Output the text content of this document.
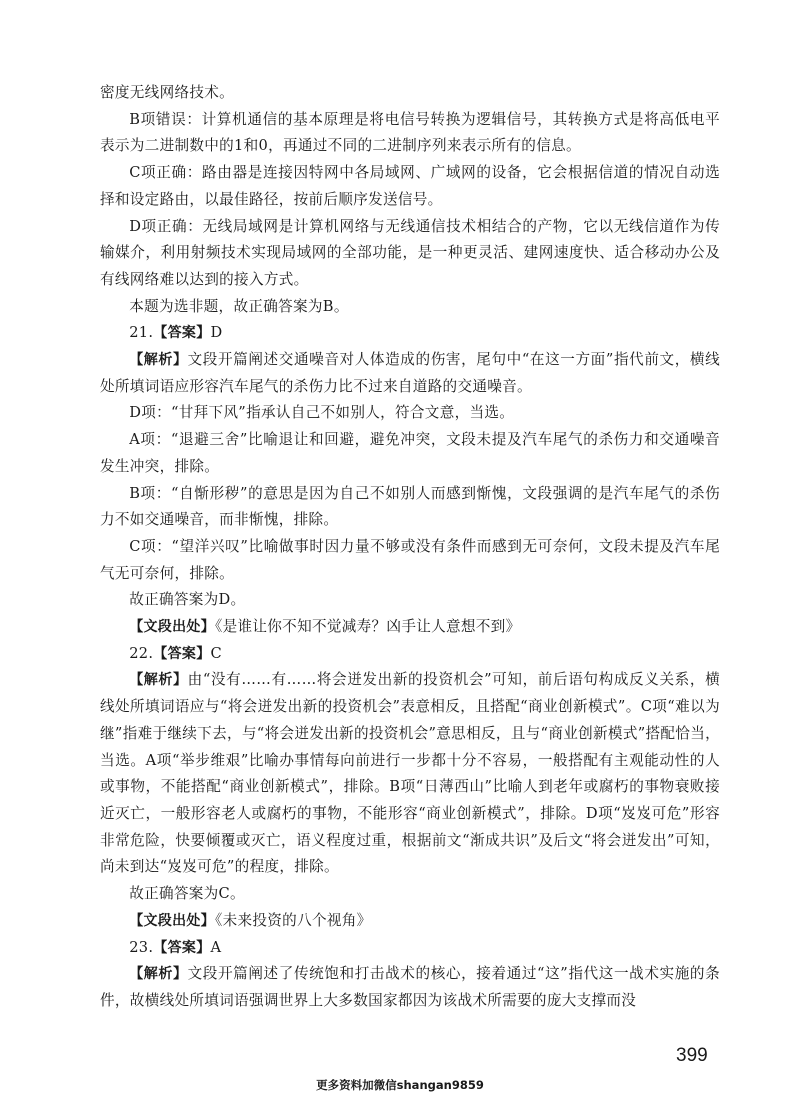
密度无线网络技术。

B项错误：计算机通信的基本原理是将电信号转换为逻辑信号，其转换方式是将高低电平表示为二进制数中的1和0，再通过不同的二进制序列来表示所有的信息。

C项正确：路由器是连接因特网中各局域网、广域网的设备，它会根据信道的情况自动选择和设定路由，以最佳路径，按前后顺序发送信号。

D项正确：无线局域网是计算机网络与无线通信技术相结合的产物，它以无线信道作为传输媒介，利用射频技术实现局域网的全部功能，是一种更灵活、建网速度快、适合移动办公及有线网络难以达到的接入方式。

本题为选非题，故正确答案为B。

21.【答案】D

【解析】文段开篇阐述交通噪音对人体造成的伤害，尾句中“在这一方面”指代前文，横线处所填词语应形容汽车尾气的杀伤力比不过来自道路的交通噪音。

D项：“甘拜下风”指承认自己不如别人，符合文意，当选。

A项：“退避三舍”比喻退让和回避，避免冲突，文段未提及汽车尾气的杀伤力和交通噪音发生冲突，排除。

B项：“自惭形秽”的意思是因为自己不如别人而感到惭愧，文段强调的是汽车尾气的杀伤力不如交通噪音，而非惭愧，排除。

C项：“望洋兴叹”比喻做事时因力量不够或没有条件而感到无可奈何，文段未提及汽车尾气无可奈何，排除。

故正确答案为D。

【文段出处】《是谁让你不知不觉减寿？凶手让人意想不到》

22.【答案】C

【解析】由“没有……有……将会迸发出新的投资机会”可知，前后语句构成反义关系，横线处所填词语应与“将会迸发出新的投资机会”表意相反，且搭配“商业创新模式”。C项“难以为继”指难于继续下去，与“将会迸发出新的投资机会”意思相反，且与“商业创新模式”搭配恰当，当选。A项“举步维艰”比喻办事情每向前进行一步都十分不容易，一般搭配有主观能动性的人或事物，不能搭配“商业创新模式”，排除。B项“日薄西山”比喻人到老年或腐朽的事物衰败接近灭亡，一般形容老人或腐朽的事物，不能形容“商业创新模式”，排除。D项“岌岌可危”形容非常危险，快要倾覆或灭亡，语义程度过重，根据前文“渐成共识”及后文“将会迸发出”可知，尚未到达“岌岌可危”的程度，排除。

故正确答案为C。

【文段出处】《未来投资的八个视角》

23.【答案】A

【解析】文段开篇阐述了传统饱和打击战术的核心，接着通过“这”指代这一战术实施的条件，故横线处所填词语强调世界上大多数国家都因为该战术所需要的庞大支撑而没

399
更多资料加微信shangan9859
